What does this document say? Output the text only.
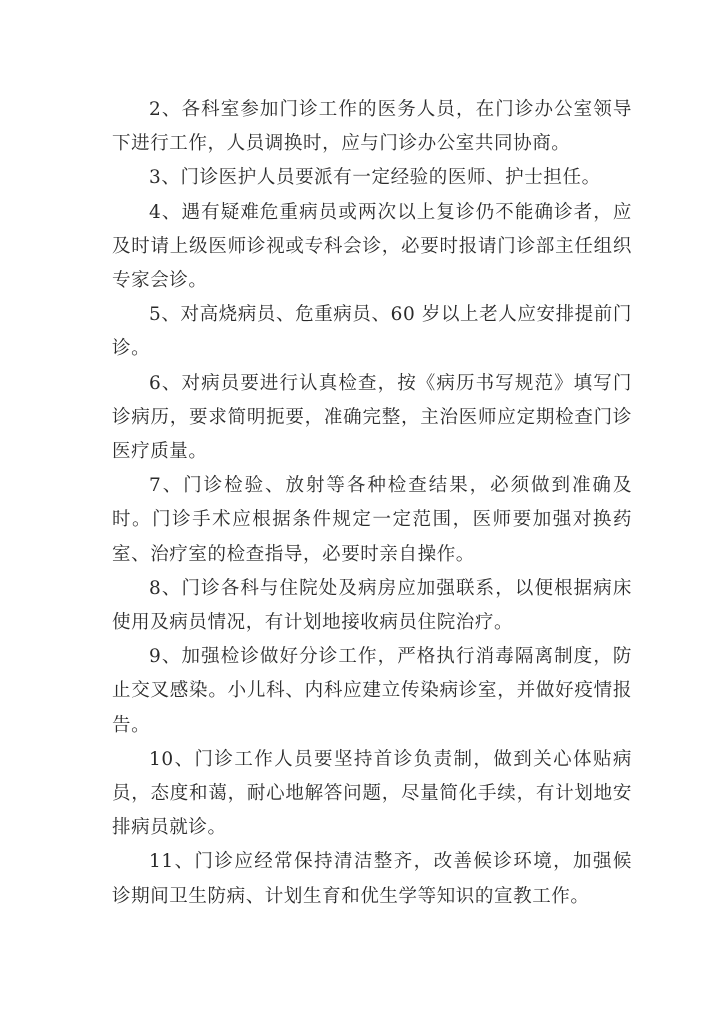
2、各科室参加门诊工作的医务人员，在门诊办公室领导下进行工作，人员调换时，应与门诊办公室共同协商。

3、门诊医护人员要派有一定经验的医师、护士担任。

4、遇有疑难危重病员或两次以上复诊仍不能确诊者，应及时请上级医师诊视或专科会诊，必要时报请门诊部主任组织专家会诊。

5、对高烧病员、危重病员、60 岁以上老人应安排提前门诊。

6、对病员要进行认真检查，按《病历书写规范》填写门诊病历，要求简明扼要，准确完整，主治医师应定期检查门诊医疗质量。

7、门诊检验、放射等各种检查结果，必须做到准确及时。门诊手术应根据条件规定一定范围，医师要加强对换药室、治疗室的检查指导，必要时亲自操作。

8、门诊各科与住院处及病房应加强联系，以便根据病床使用及病员情况，有计划地接收病员住院治疗。

9、加强检诊做好分诊工作，严格执行消毒隔离制度，防止交叉感染。小儿科、内科应建立传染病诊室，并做好疫情报告。

10、门诊工作人员要坚持首诊负责制，做到关心体贴病员，态度和蔼，耐心地解答问题，尽量简化手续，有计划地安排病员就诊。

11、门诊应经常保持清洁整齐，改善候诊环境，加强候诊期间卫生防病、计划生育和优生学等知识的宣教工作。
